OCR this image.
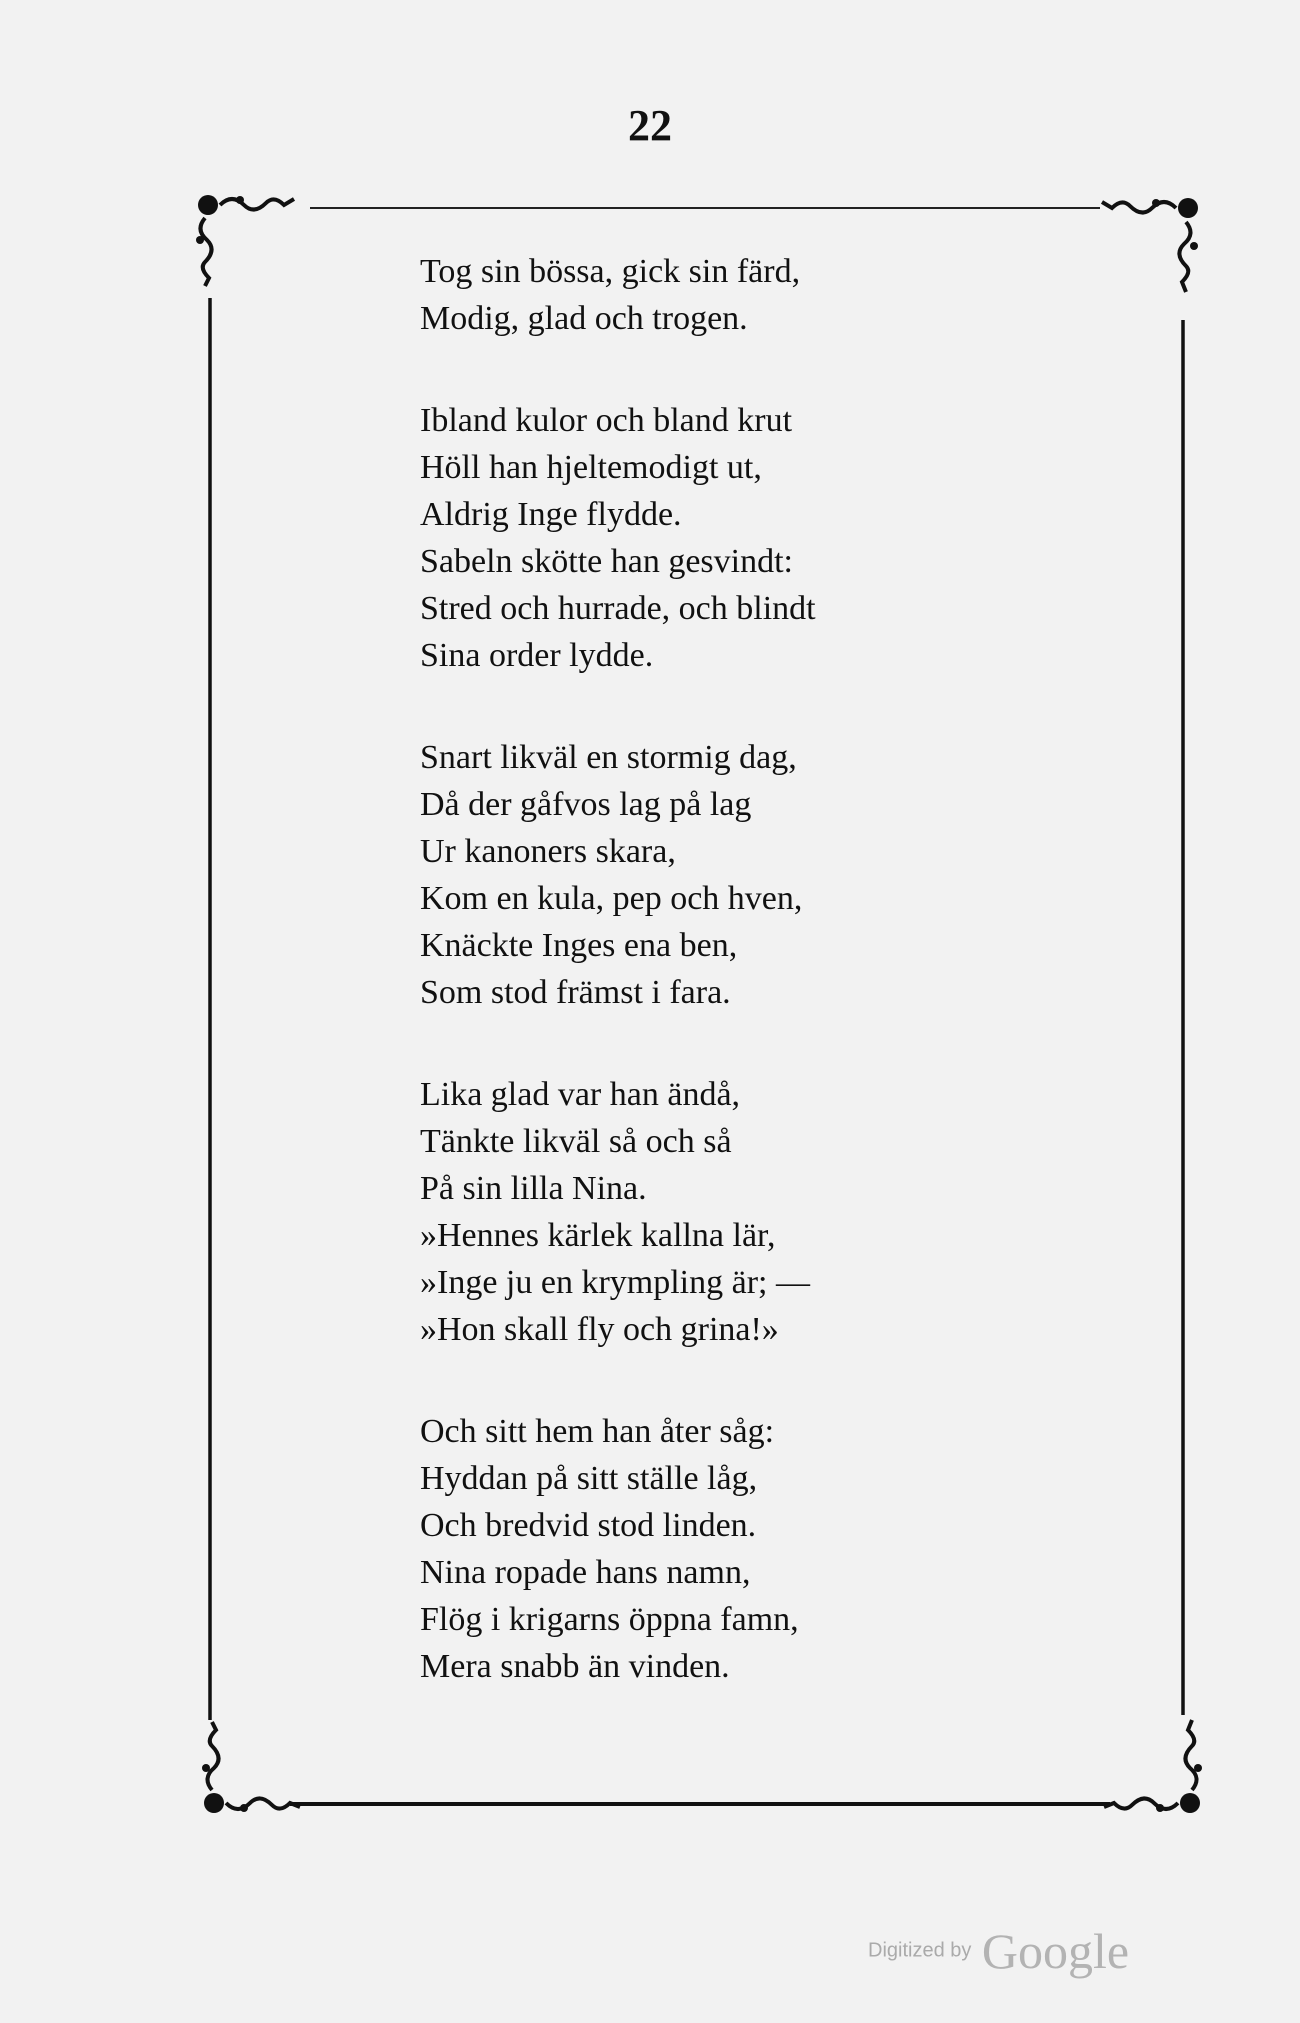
22
Tog sin bössa, gick sin färd,
Modig, glad och trogen.
Ibland kulor och bland krut
Höll han hjeltemodigt ut,
Aldrig Inge flydde.
Sabeln skötte han gesvindt:
Stred och hurrade, och blindt
Sina order lydde.
Snart likväl en stormig dag,
Då der gåfvos lag på lag
Ur kanoners skara,
Kom en kula, pep och hven,
Knäckte Inges ena ben,
Som stod främst i fara.
Lika glad var han ändå,
Tänkte likväl så och så
På sin lilla Nina.
»Hennes kärlek kallna lär,
»Inge ju en krympling är; —
»Hon skall fly och grina!»
Och sitt hem han åter såg:
Hyddan på sitt ställe låg,
Och bredvid stod linden.
Nina ropade hans namn,
Flög i krigarns öppna famn,
Mera snabb än vinden.
Digitized by Google
